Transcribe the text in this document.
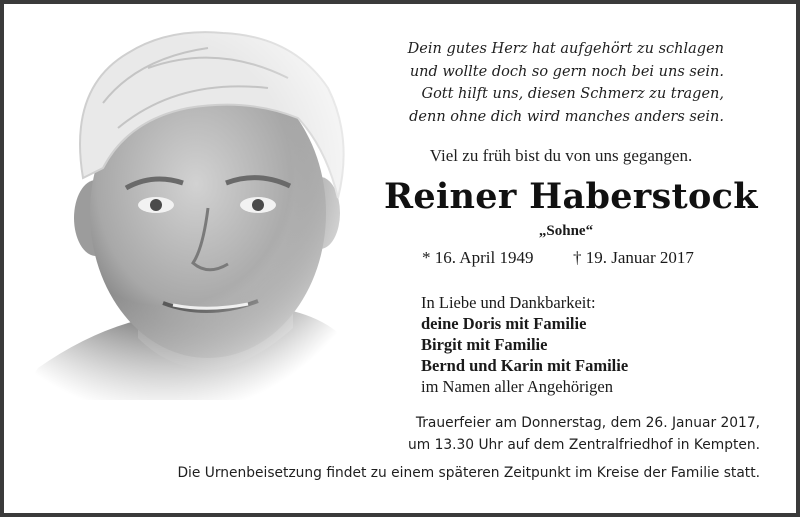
Dein gutes Herz hat aufgehört zu schlagen
und wollte doch so gern noch bei uns sein.
Gott hilft uns, diesen Schmerz zu tragen,
denn ohne dich wird manches anders sein.
Viel zu früh bist du von uns gegangen.
Reiner Haberstock
„Sohne“
* 16. April 1949 † 19. Januar 2017
In Liebe und Dankbarkeit:
deine Doris mit Familie
Birgit mit Familie
Bernd und Karin mit Familie
im Namen aller Angehörigen
Trauerfeier am Donnerstag, dem 26. Januar 2017,
um 13.30 Uhr auf dem Zentralfriedhof in Kempten.
Die Urnenbeisetzung findet zu einem späteren Zeitpunkt im Kreise der Familie statt.
